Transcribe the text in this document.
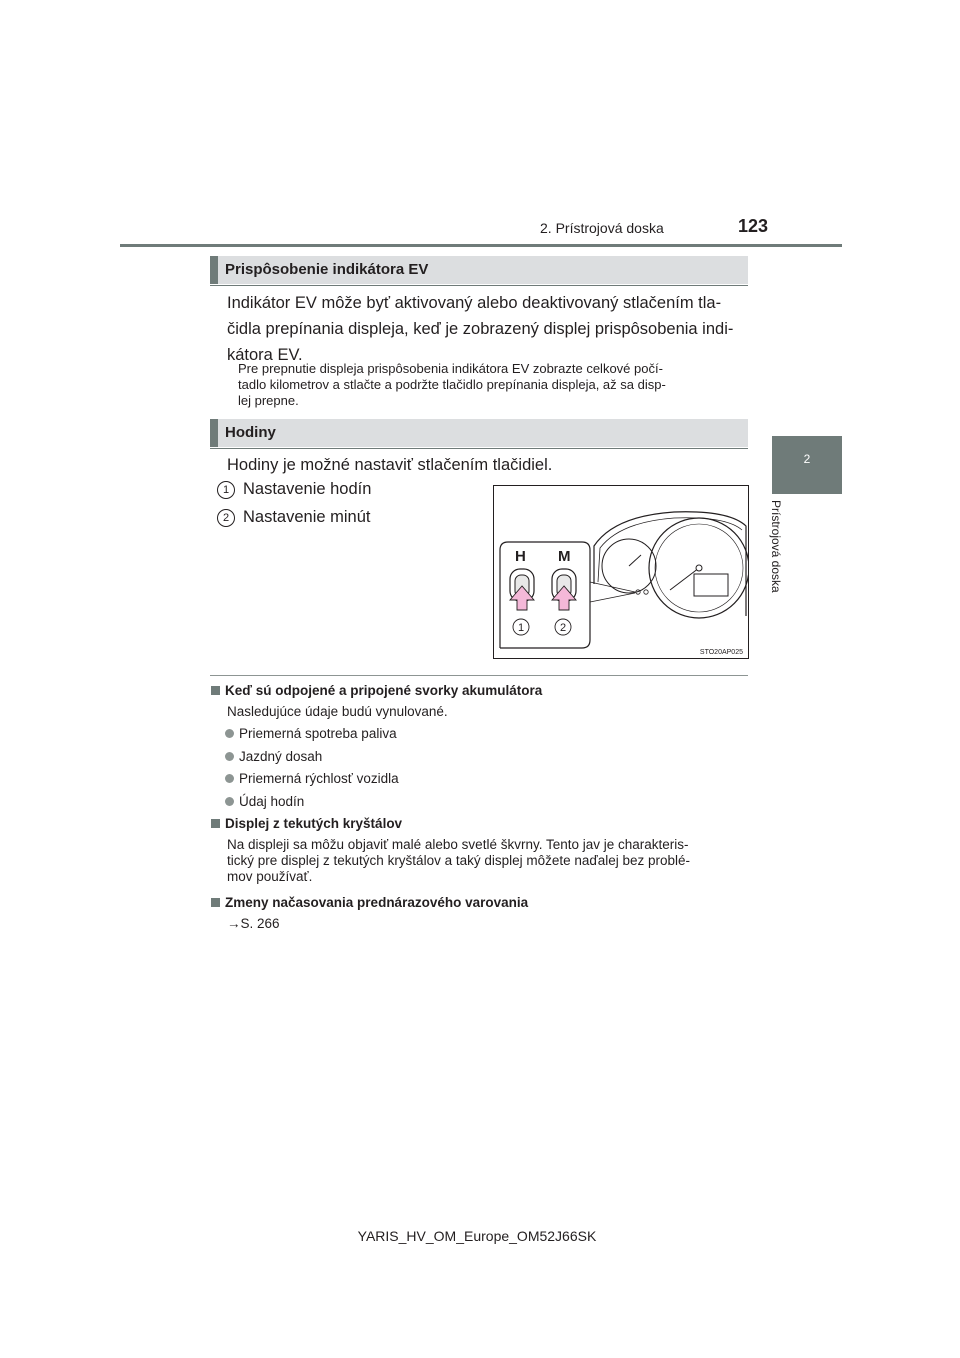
2. Prístrojová doska	123
2
Prístrojová doska
Prispôsobenie indikátora EV
Indikátor EV môže byť aktivovaný alebo deaktivovaný stlačením tla-
čidla prepínania displeja, keď je zobrazený displej prispôsobenia indi-
kátora EV.
Pre prepnutie displeja prispôsobenia indikátora EV zobrazte celkové počí-
tadlo kilometrov a stlačte a podržte tlačidlo prepínania displeja, až sa disp-
lej prepne.
Hodiny
Hodiny je možné nastaviť stlačením tlačidiel.
1 Nastavenie hodín
2 Nastavenie minút
H M
1	2
STO20AP025
Keď sú odpojené a pripojené svorky akumulátora
Nasledujúce údaje budú vynulované.
Priemerná spotreba paliva
Jazdný dosah
Priemerná rýchlosť vozidla
Údaj hodín
Displej z tekutých kryštálov
Na displeji sa môžu objaviť malé alebo svetlé škvrny. Tento jav je charakteris-
tický pre displej z tekutých kryštálov a taký displej môžete naďalej bez problé-
mov používať.
Zmeny načasovania prednárazového varovania
→S. 266
YARIS_HV_OM_Europe_OM52J66SK
